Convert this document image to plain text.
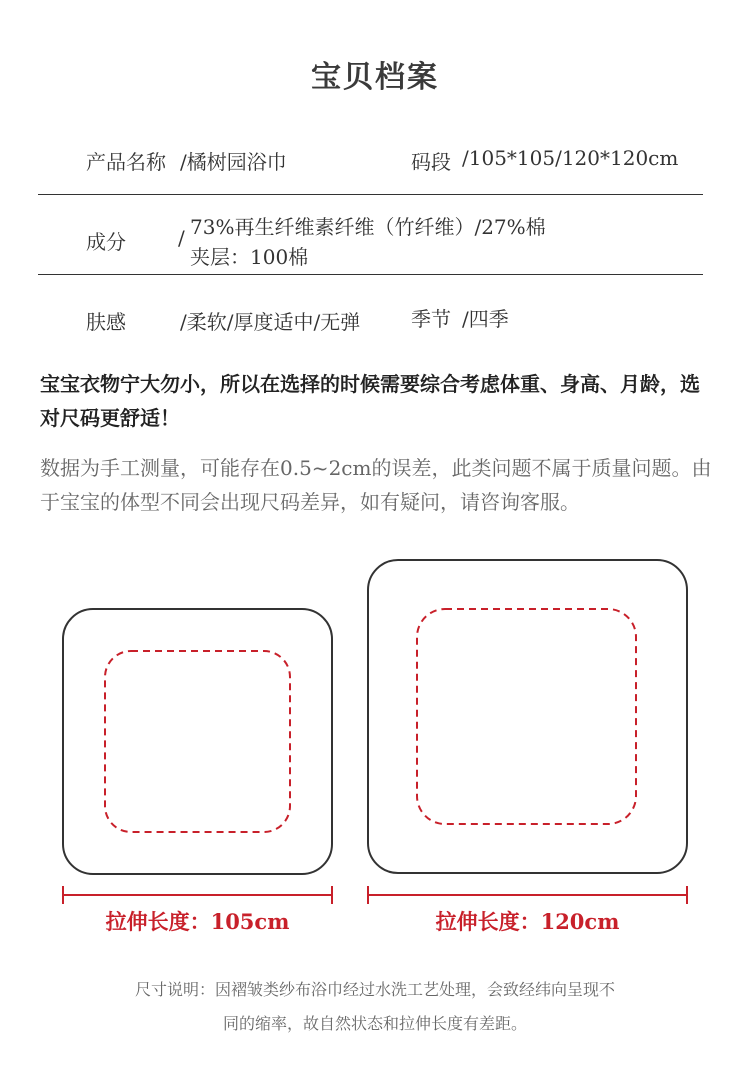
宝贝档案
产品名称 /橘树园浴巾	码段 /105*105/120*120cm
成分	/ 73%再生纤维素纤维（竹纤维）/27%棉
夹层：100棉
肤感	/柔软/厚度适中/无弹	季节 /四季
宝宝衣物宁大勿小，所以在选择的时候需要综合考虑体重、身高、月龄，选对尺码更舒适！
数据为手工测量，可能存在0.5~2cm的误差，此类问题不属于质量问题。由于宝宝的体型不同会出现尺码差异，如有疑问，请咨询客服。
拉伸长度：105cm	拉伸长度：120cm
尺寸说明：因褶皱类纱布浴巾经过水洗工艺处理，会致经纬向呈现不
同的缩率，故自然状态和拉伸长度有差距。
